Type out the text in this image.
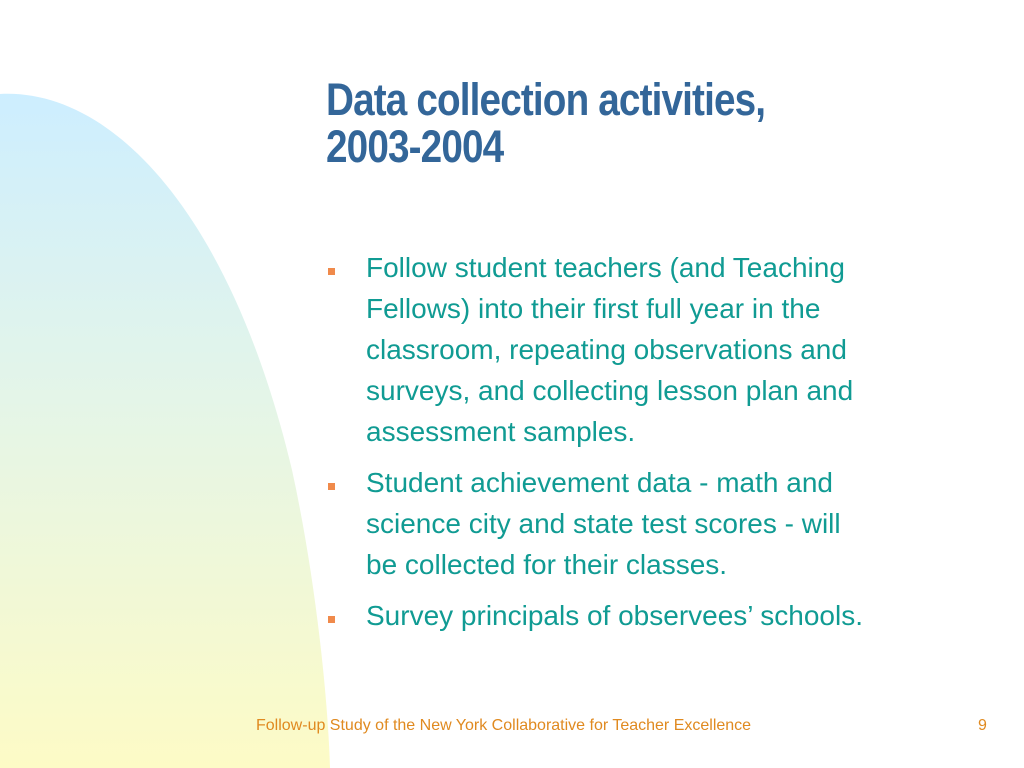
Data collection activities,
2003-2004
Follow student teachers (and Teaching
Fellows) into their first full year in the
classroom, repeating observations and
surveys, and collecting lesson plan and
assessment samples.
Student achievement data - math and
science city and state test scores - will
be collected for their classes.
Survey principals of observees’ schools.
Follow-up Study of the New York Collaborative for Teacher Excellence	9
